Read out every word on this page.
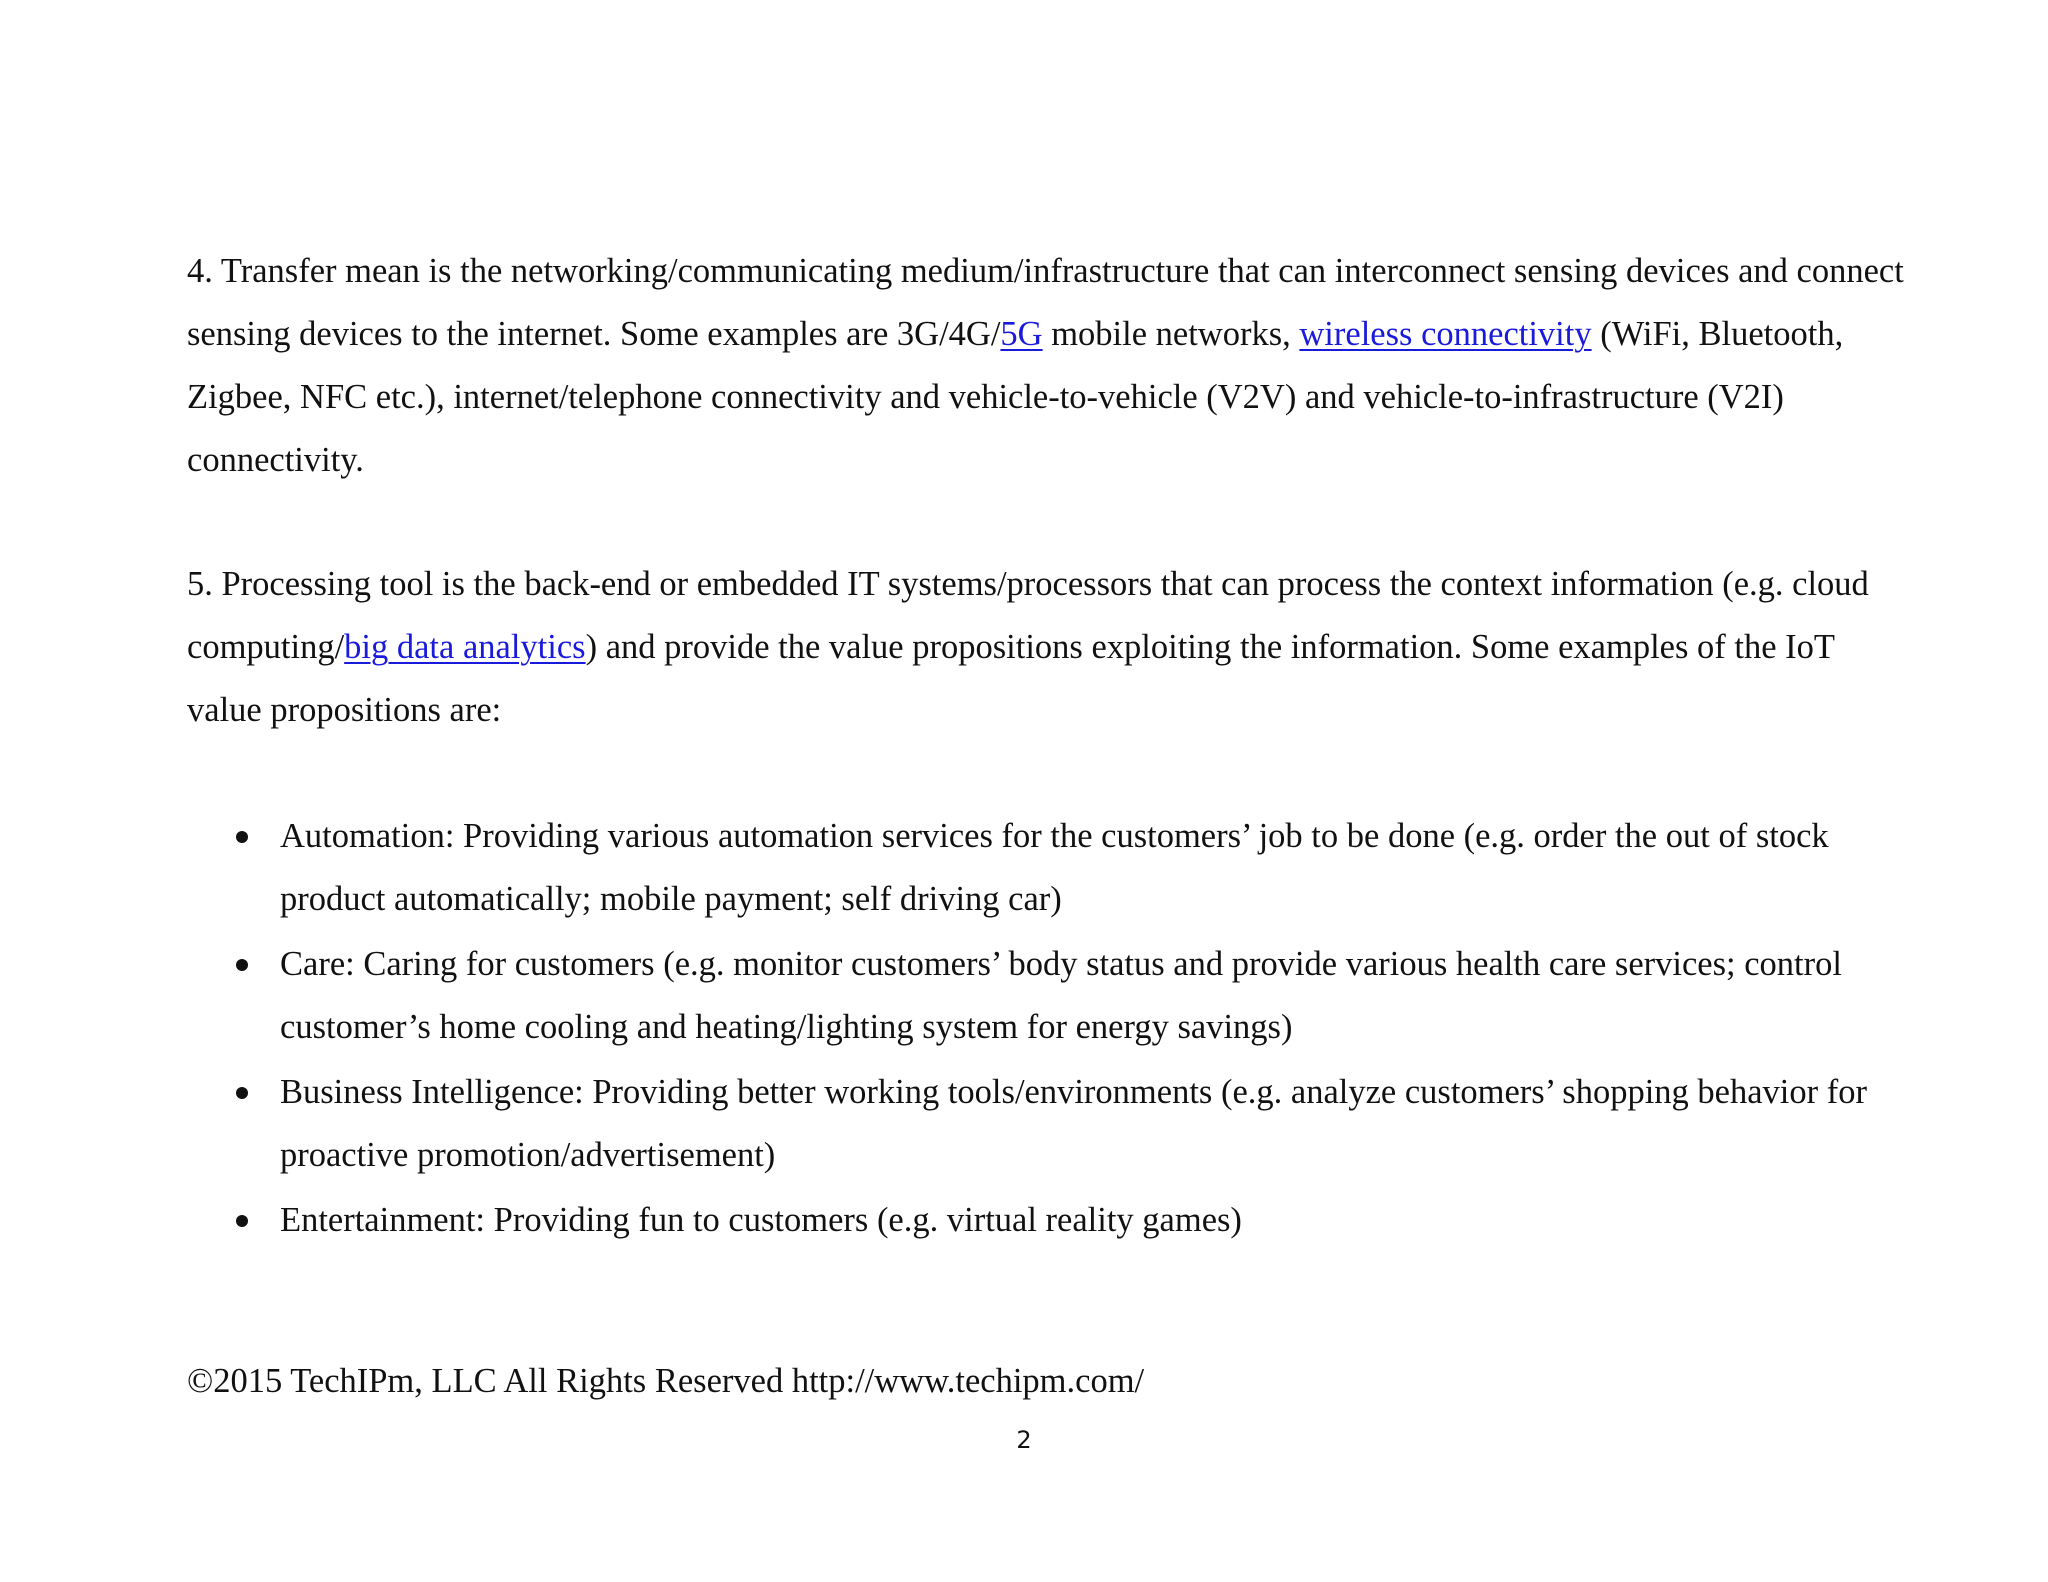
4. Transfer mean is the networking/communicating medium/infrastructure that can interconnect sensing devices and connect sensing devices to the internet. Some examples are 3G/4G/5G mobile networks, wireless connectivity (WiFi, Bluetooth, Zigbee, NFC etc.), internet/telephone connectivity and vehicle-to-vehicle (V2V) and vehicle-to-infrastructure (V2I) connectivity.

5. Processing tool is the back-end or embedded IT systems/processors that can process the context information (e.g. cloud computing/big data analytics) and provide the value propositions exploiting the information. Some examples of the IoT value propositions are:

Automation: Providing various automation services for the customers’ job to be done (e.g. order the out of stock product automatically; mobile payment; self driving car)
Care: Caring for customers (e.g. monitor customers’ body status and provide various health care services; control customer’s home cooling and heating/lighting system for energy savings)
Business Intelligence: Providing better working tools/environments (e.g. analyze customers’ shopping behavior for proactive promotion/advertisement)
Entertainment: Providing fun to customers (e.g. virtual reality games)

©2015 TechIPm, LLC All Rights Reserved http://www.techipm.com/

2
